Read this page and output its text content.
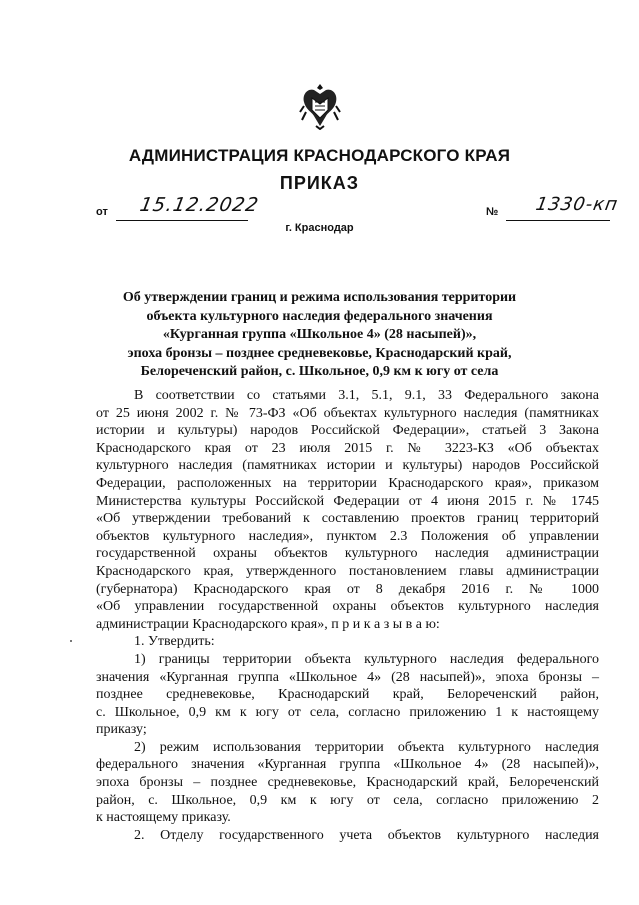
АДМИНИСТРАЦИЯ КРАСНОДАРСКОГО КРАЯ
ПРИКАЗ
от 15.12.2022	№ 1330-кп
г. Краснодар
Об утверждении границ и режима использования территории
объекта культурного наследия федерального значения
«Курганная группа «Школьное 4» (28 насыпей)»,
эпоха бронзы – позднее средневековье, Краснодарский край,
Белореченский район, с. Школьное, 0,9 км к югу от села
В соответствии со статьями 3.1, 5.1, 9.1, 33 Федерального закона
от 25 июня 2002 г. № 73-ФЗ «Об объектах культурного наследия (памятниках
истории и культуры) народов Российской Федерации», статьей 3 Закона
Краснодарского края от 23 июля 2015 г. № 3223-КЗ «Об объектах
культурного наследия (памятниках истории и культуры) народов Российской
Федерации, расположенных на территории Краснодарского края», приказом
Министерства культуры Российской Федерации от 4 июня 2015 г. № 1745
«Об утверждении требований к составлению проектов границ территорий
объектов культурного наследия», пунктом 2.3 Положения об управлении
государственной охраны объектов культурного наследия администрации
Краснодарского края, утвержденного постановлением главы администрации
(губернатора) Краснодарского края от 8 декабря 2016 г. № 1000
«Об управлении государственной охраны объектов культурного наследия
администрации Краснодарского края», п р и к а з ы в а ю:
1. Утвердить:
1) границы территории объекта культурного наследия федерального
значения «Курганная группа «Школьное 4» (28 насыпей)», эпоха бронзы –
позднее средневековье, Краснодарский край, Белореченский район,
с. Школьное, 0,9 км к югу от села, согласно приложению 1 к настоящему
приказу;
2) режим использования территории объекта культурного наследия
федерального значения «Курганная группа «Школьное 4» (28 насыпей)»,
эпоха бронзы – позднее средневековье, Краснодарский край, Белореченский
район, с. Школьное, 0,9 км к югу от села, согласно приложению 2
к настоящему приказу.
2. Отделу государственного учета объектов культурного наследия
